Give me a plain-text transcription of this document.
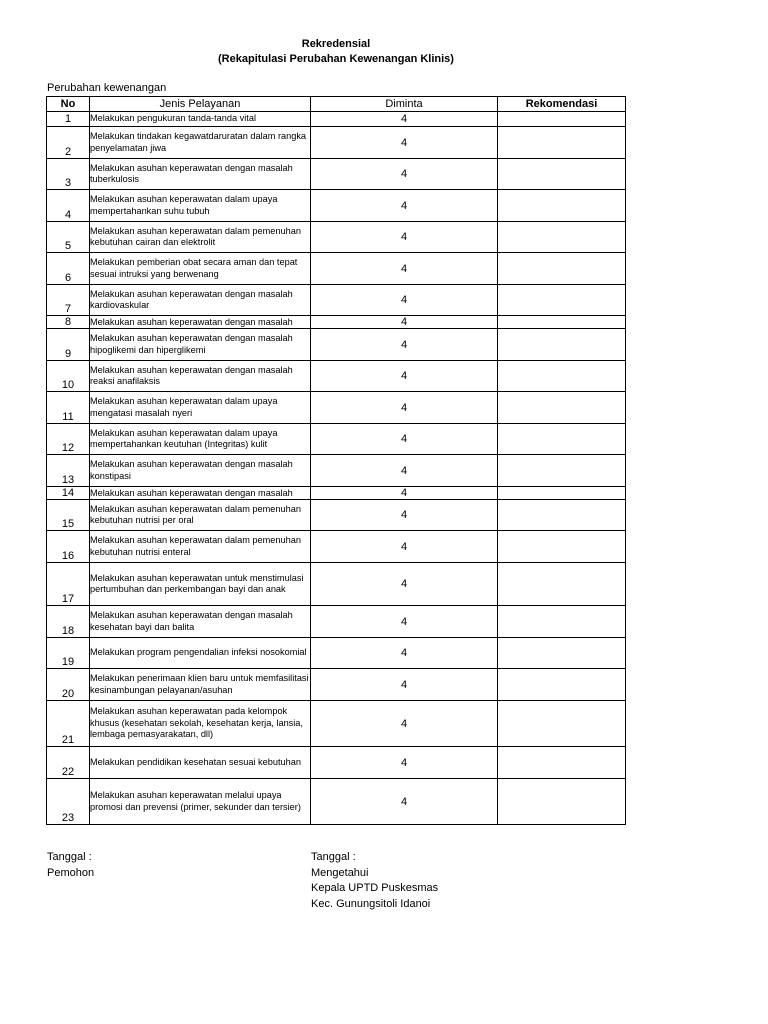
Rekredensial
(Rekapitulasi Perubahan Kewenangan Klinis)
Perubahan kewenangan
No	Jenis Pelayanan	Diminta	Rekomendasi
1	Melakukan pengukuran tanda-tanda vital	4	
2	Melakukan tindakan kegawatdaruratan dalam rangka penyelamatan jiwa	4	
3	Melakukan asuhan keperawatan dengan masalah tuberkulosis	4	
4	Melakukan asuhan keperawatan dalam upaya mempertahankan suhu tubuh	4	
5	Melakukan asuhan keperawatan dalam pemenuhan kebutuhan cairan dan elektrolit	4	
6	Melakukan pemberian obat secara aman dan tepat sesuai intruksi yang berwenang	4	
7	Melakukan asuhan keperawatan dengan masalah kardiovaskular	4	
8	Melakukan asuhan keperawatan dengan masalah	4	
9	Melakukan asuhan keperawatan dengan masalah hipoglikemi dan hiperglikemi	4	
10	Melakukan asuhan keperawatan dengan masalah reaksi anafilaksis	4	
11	Melakukan asuhan keperawatan dalam upaya mengatasi masalah nyeri	4	
12	Melakukan asuhan keperawatan dalam upaya mempertahankan keutuhan (Integritas) kulit	4	
13	Melakukan asuhan keperawatan dengan masalah konstipasi	4	
14	Melakukan asuhan keperawatan dengan masalah	4	
15	Melakukan asuhan keperawatan dalam pemenuhan kebutuhan nutrisi per oral	4	
16	Melakukan asuhan keperawatan dalam pemenuhan kebutuhan nutrisi enteral	4	
17	Melakukan asuhan keperawatan untuk menstimulasi pertumbuhan dan perkembangan bayi dan anak	4	
18	Melakukan asuhan keperawatan dengan masalah kesehatan bayi dan balita	4	
19	Melakukan program pengendalian infeksi nosokomial	4	
20	Melakukan penerimaan klien baru untuk memfasilitasi kesinambungan pelayanan/asuhan	4	
21	Melakukan asuhan keperawatan pada kelompok khusus (kesehatan sekolah, kesehatan kerja, lansia, lembaga pemasyarakatan, dll)	4	
22	Melakukan pendidikan kesehatan sesuai kebutuhan	4	
23	Melakukan asuhan keperawatan melalui upaya promosi dan prevensi (primer, sekunder dan tersier)	4	
Tanggal :
Pemohon
Tanggal :
Mengetahui
Kepala UPTD Puskesmas
Kec. Gunungsitoli Idanoi
